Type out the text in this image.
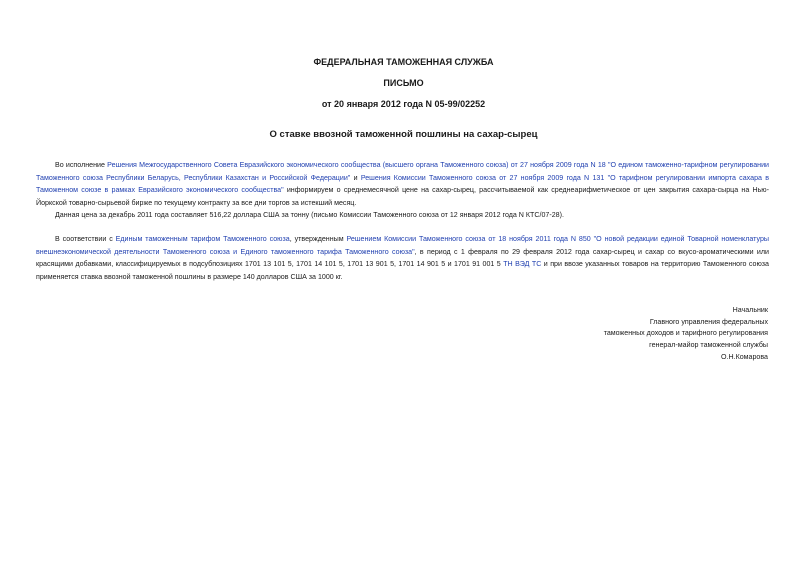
ФЕДЕРАЛЬНАЯ ТАМОЖЕННАЯ СЛУЖБА

ПИСЬМО

от 20 января 2012 года N 05-99/02252

О ставке ввозной таможенной пошлины на сахар-сырец

Во исполнение Решения Межгосударственного Совета Евразийского экономического сообщества (высшего органа Таможенного союза) от 27 ноября 2009 года N 18 "О едином таможенно-тарифном регулировании Таможенного союза Республики Беларусь, Республики Казахстан и Российской Федерации" и Решения Комиссии Таможенного союза от 27 ноября 2009 года N 131 "О тарифном регулировании импорта сахара в Таможенном союзе в рамках Евразийского экономического сообщества" информируем о среднемесячной цене на сахар-сырец, рассчитываемой как среднеарифметическое от цен закрытия сахара-сырца на Нью-Йоркской товарно-сырьевой бирже по текущему контракту за все дни торгов за истекший месяц.

Данная цена за декабрь 2011 года составляет 516,22 доллара США за тонну (письмо Комиссии Таможенного союза от 12 января 2012 года N КТС/07-28).

В соответствии с Единым таможенным тарифом Таможенного союза, утвержденным Решением Комиссии Таможенного союза от 18 ноября 2011 года N 850 "О новой редакции единой Товарной номенклатуры внешнеэкономической деятельности Таможенного союза и Единого таможенного тарифа Таможенного союза", в период с 1 февраля по 29 февраля 2012 года сахар-сырец и сахар со вкусо-ароматическими или красящими добавками, классифицируемых в подсубпозициях 1701 13 101 5, 1701 14 101 5, 1701 13 901 5, 1701 14 901 5 и 1701 91 001 5 ТН ВЭД ТС и при ввозе указанных товаров на территорию Таможенного союза применяется ставка ввозной таможенной пошлины в размере 140 долларов США за 1000 кг.

Начальник
Главного управления федеральных
таможенных доходов и тарифного регулирования
генерал-майор таможенной службы
О.Н.Комарова
